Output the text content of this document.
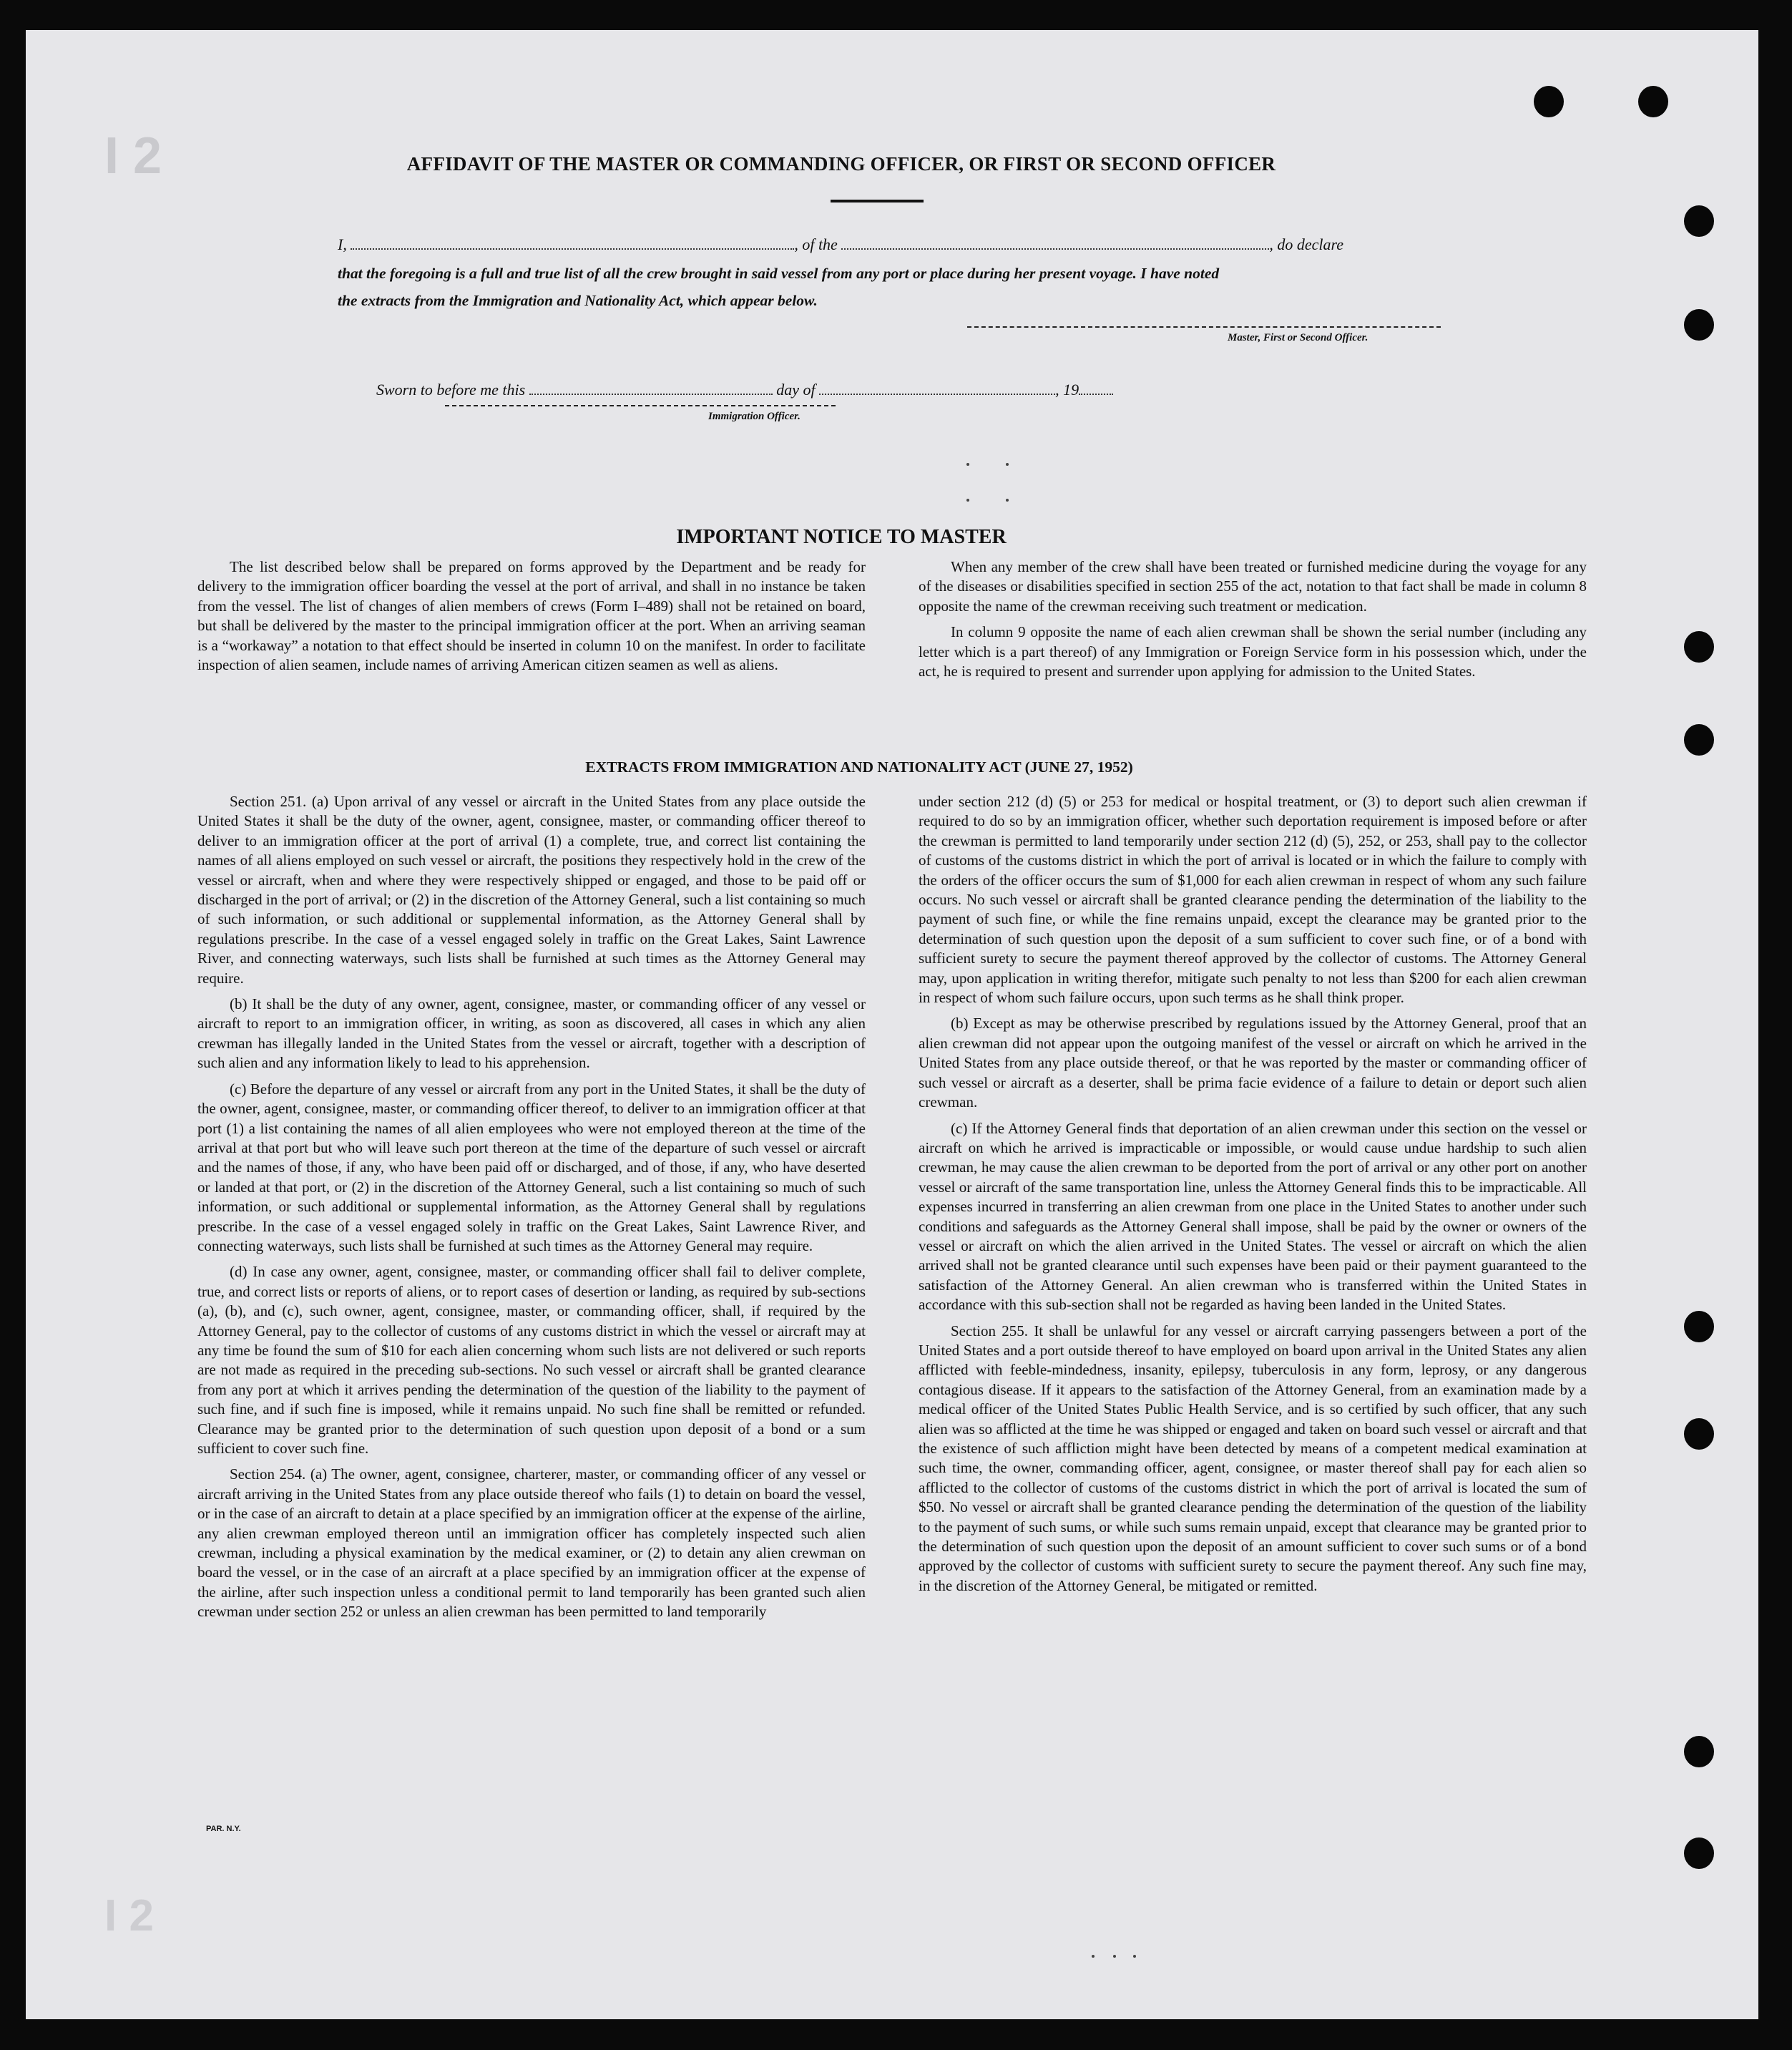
I 2
I 2
AFFIDAVIT OF THE MASTER OR COMMANDING OFFICER, OR FIRST OR SECOND OFFICER
I,	, of the	, do declare
that the foregoing is a full and true list of all the crew brought in said vessel from any port or place during her present voyage. I have noted
the extracts from the Immigration and Nationality Act, which appear below.
Master, First or Second Officer.
Sworn to before me this	day of	, 19
Immigration Officer.
IMPORTANT NOTICE TO MASTER

The list described below shall be prepared on forms approved by the Department and be ready for delivery to the immigration officer boarding the vessel at the port of arrival, and shall in no instance be taken from the vessel. The list of changes of alien members of crews (Form I–489) shall not be retained on board, but shall be delivered by the master to the principal immigration officer at the port. When an arriving seaman is a “workaway” a notation to that effect should be inserted in column 10 on the manifest. In order to facilitate inspection of alien seamen, include names of arriving American citizen seamen as well as aliens.

When any member of the crew shall have been treated or furnished medicine during the voyage for any of the diseases or disabilities specified in section 255 of the act, notation to that fact shall be made in column 8 opposite the name of the crewman receiving such treatment or medication.

In column 9 opposite the name of each alien crewman shall be shown the serial number (including any letter which is a part thereof) of any Immigration or Foreign Service form in his possession which, under the act, he is required to present and surrender upon applying for admission to the United States.

EXTRACTS FROM IMMIGRATION AND NATIONALITY ACT (JUNE 27, 1952)

Section 251. (a) Upon arrival of any vessel or aircraft in the United States from any place outside the United States it shall be the duty of the owner, agent, consignee, master, or commanding officer thereof to deliver to an immigration officer at the port of arrival (1) a complete, true, and correct list containing the names of all aliens employed on such vessel or aircraft, the positions they respectively hold in the crew of the vessel or aircraft, when and where they were respectively shipped or engaged, and those to be paid off or discharged in the port of arrival; or (2) in the discretion of the Attorney General, such a list containing so much of such information, or such additional or supplemental information, as the Attorney General shall by regulations prescribe. In the case of a vessel engaged solely in traffic on the Great Lakes, Saint Lawrence River, and connecting waterways, such lists shall be furnished at such times as the Attorney General may require.

(b) It shall be the duty of any owner, agent, consignee, master, or commanding officer of any vessel or aircraft to report to an immigration officer, in writing, as soon as discovered, all cases in which any alien crewman has illegally landed in the United States from the vessel or aircraft, together with a description of such alien and any information likely to lead to his apprehension.

(c) Before the departure of any vessel or aircraft from any port in the United States, it shall be the duty of the owner, agent, consignee, master, or commanding officer thereof, to deliver to an immigration officer at that port (1) a list containing the names of all alien employees who were not employed thereon at the time of the arrival at that port but who will leave such port thereon at the time of the departure of such vessel or aircraft and the names of those, if any, who have been paid off or discharged, and of those, if any, who have deserted or landed at that port, or (2) in the discretion of the Attorney General, such a list containing so much of such information, or such additional or supplemental information, as the Attorney General shall by regulations prescribe. In the case of a vessel engaged solely in traffic on the Great Lakes, Saint Lawrence River, and connecting waterways, such lists shall be furnished at such times as the Attorney General may require.

(d) In case any owner, agent, consignee, master, or commanding officer shall fail to deliver complete, true, and correct lists or reports of aliens, or to report cases of desertion or landing, as required by sub-sections (a), (b), and (c), such owner, agent, consignee, master, or commanding officer, shall, if required by the Attorney General, pay to the collector of customs of any customs district in which the vessel or aircraft may at any time be found the sum of $10 for each alien concerning whom such lists are not delivered or such reports are not made as required in the preceding sub-sections. No such vessel or aircraft shall be granted clearance from any port at which it arrives pending the determination of the question of the liability to the payment of such fine, and if such fine is imposed, while it remains unpaid. No such fine shall be remitted or refunded. Clearance may be granted prior to the determination of such question upon deposit of a bond or a sum sufficient to cover such fine.

Section 254. (a) The owner, agent, consignee, charterer, master, or commanding officer of any vessel or aircraft arriving in the United States from any place outside thereof who fails (1) to detain on board the vessel, or in the case of an aircraft to detain at a place specified by an immigration officer at the expense of the airline, any alien crewman employed thereon until an immigration officer has completely inspected such alien crewman, including a physical examination by the medical examiner, or (2) to detain any alien crewman on board the vessel, or in the case of an aircraft at a place specified by an immigration officer at the expense of the airline, after such inspection unless a conditional permit to land temporarily has been granted such alien crewman under section 252 or unless an alien crewman has been permitted to land temporarily

under section 212 (d) (5) or 253 for medical or hospital treatment, or (3) to deport such alien crewman if required to do so by an immigration officer, whether such deportation requirement is imposed before or after the crewman is permitted to land temporarily under section 212 (d) (5), 252, or 253, shall pay to the collector of customs of the customs district in which the port of arrival is located or in which the failure to comply with the orders of the officer occurs the sum of $1,000 for each alien crewman in respect of whom any such failure occurs. No such vessel or aircraft shall be granted clearance pending the determination of the liability to the payment of such fine, or while the fine remains unpaid, except the clearance may be granted prior to the determination of such question upon the deposit of a sum sufficient to cover such fine, or of a bond with sufficient surety to secure the payment thereof approved by the collector of customs. The Attorney General may, upon application in writing therefor, mitigate such penalty to not less than $200 for each alien crewman in respect of whom such failure occurs, upon such terms as he shall think proper.

(b) Except as may be otherwise prescribed by regulations issued by the Attorney General, proof that an alien crewman did not appear upon the outgoing manifest of the vessel or aircraft on which he arrived in the United States from any place outside thereof, or that he was reported by the master or commanding officer of such vessel or aircraft as a deserter, shall be prima facie evidence of a failure to detain or deport such alien crewman.

(c) If the Attorney General finds that deportation of an alien crewman under this section on the vessel or aircraft on which he arrived is impracticable or impossible, or would cause undue hardship to such alien crewman, he may cause the alien crewman to be deported from the port of arrival or any other port on another vessel or aircraft of the same transportation line, unless the Attorney General finds this to be impracticable. All expenses incurred in transferring an alien crewman from one place in the United States to another under such conditions and safeguards as the Attorney General shall impose, shall be paid by the owner or owners of the vessel or aircraft on which the alien arrived in the United States. The vessel or aircraft on which the alien arrived shall not be granted clearance until such expenses have been paid or their payment guaranteed to the satisfaction of the Attorney General. An alien crewman who is transferred within the United States in accordance with this sub-section shall not be regarded as having been landed in the United States.

Section 255. It shall be unlawful for any vessel or aircraft carrying passengers between a port of the United States and a port outside thereof to have employed on board upon arrival in the United States any alien afflicted with feeble-mindedness, insanity, epilepsy, tuberculosis in any form, leprosy, or any dangerous contagious disease. If it appears to the satisfaction of the Attorney General, from an examination made by a medical officer of the United States Public Health Service, and is so certified by such officer, that any such alien was so afflicted at the time he was shipped or engaged and taken on board such vessel or aircraft and that the existence of such affliction might have been detected by means of a competent medical examination at such time, the owner, commanding officer, agent, consignee, or master thereof shall pay for each alien so afflicted to the collector of customs of the customs district in which the port of arrival is located the sum of $50. No vessel or aircraft shall be granted clearance pending the determination of the question of the liability to the payment of such sums, or while such sums remain unpaid, except that clearance may be granted prior to the determination of such question upon the deposit of an amount sufficient to cover such sums or of a bond approved by the collector of customs with sufficient surety to secure the payment thereof. Any such fine may, in the discretion of the Attorney General, be mitigated or remitted.

PAR. N.Y.
